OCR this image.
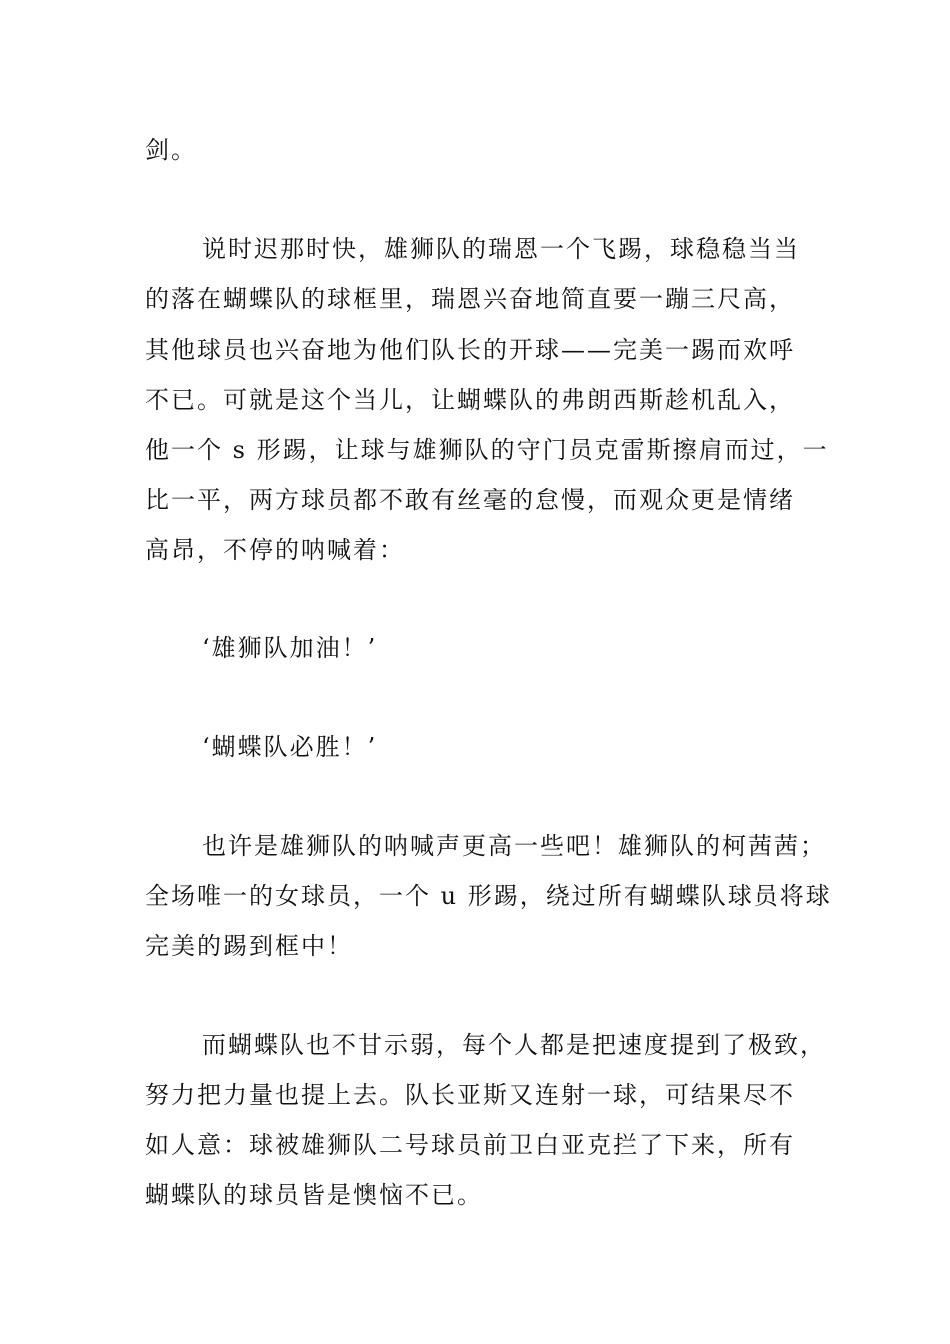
剑。

说时迟那时快，雄狮队的瑞恩一个飞踢，球稳稳当当

的落在蝴蝶队的球框里，瑞恩兴奋地简直要一蹦三尺高，

其他球员也兴奋地为他们队长的开球——完美一踢而欢呼

不已。可就是这个当儿，让蝴蝶队的弗朗西斯趁机乱入，

他一个 s 形踢，让球与雄狮队的守门员克雷斯擦肩而过，一

比一平，两方球员都不敢有丝毫的怠慢，而观众更是情绪

高昂，不停的呐喊着：

‘雄狮队加油！’

‘蝴蝶队必胜！’

也许是雄狮队的呐喊声更高一些吧！雄狮队的柯茜茜；

全场唯一的女球员，一个 u 形踢，绕过所有蝴蝶队球员将球

完美的踢到框中！

而蝴蝶队也不甘示弱，每个人都是把速度提到了极致，

努力把力量也提上去。队长亚斯又连射一球，可结果尽不

如人意：球被雄狮队二号球员前卫白亚克拦了下来，所有

蝴蝶队的球员皆是懊恼不已。
